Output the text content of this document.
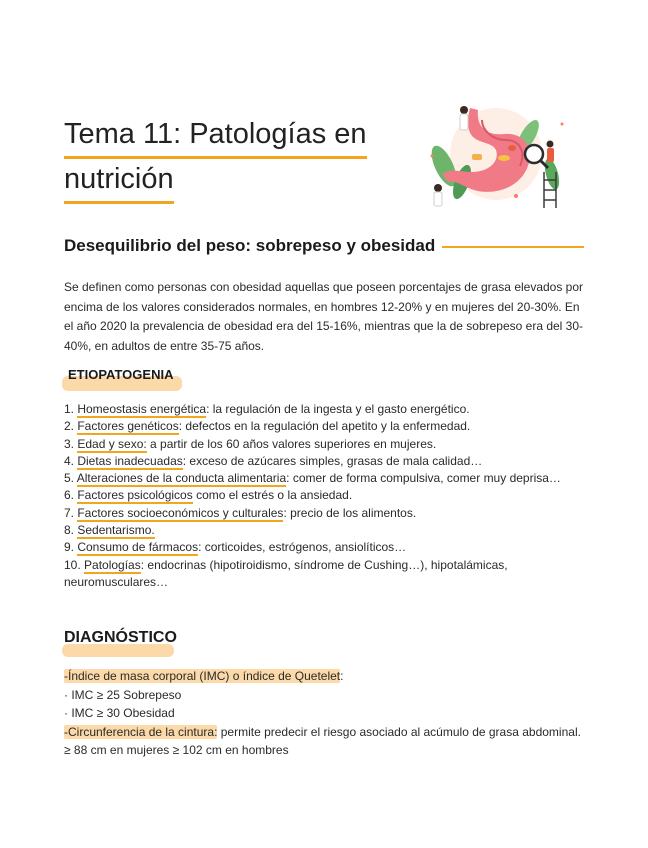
Tema 11: Patologías en
nutrición
Desequilibrio del peso: sobrepeso y obesidad

Se definen como personas con obesidad aquellas que poseen porcentajes de grasa elevados por encima de los valores considerados normales, en hombres 12-20% y en mujeres del 20-30%. En el año 2020 la prevalencia de obesidad era del 15-16%, mientras que la de sobrepeso era del 30-40%, en adultos de entre 35-75 años.

ETIOPATOGENIA
1. Homeostasis energética: la regulación de la ingesta y el gasto energético.
2. Factores genéticos: defectos en la regulación del apetito y la enfermedad.
3. Edad y sexo: a partir de los 60 años valores superiores en mujeres.
4. Dietas inadecuadas: exceso de azúcares simples, grasas de mala calidad…
5. Alteraciones de la conducta alimentaria: comer de forma compulsiva, comer muy deprisa…
6. Factores psicológicos como el estrés o la ansiedad.
7. Factores socioeconómicos y culturales: precio de los alimentos.
8. Sedentarismo.
9. Consumo de fármacos: corticoides, estrógenos, ansiolíticos…
10. Patologías: endocrinas (hipotiroidismo, síndrome de Cushing…), hipotalámicas, neuromusculares…
DIAGNÓSTICO

-Índice de masa corporal (IMC) o índice de Quetelet:

· IMC ≥ 25 Sobrepeso

· IMC ≥ 30 Obesidad

-Circunferencia de la cintura: permite predecir el riesgo asociado al acúmulo de grasa abdominal.

≥ 88 cm en mujeres ≥ 102 cm en hombres
